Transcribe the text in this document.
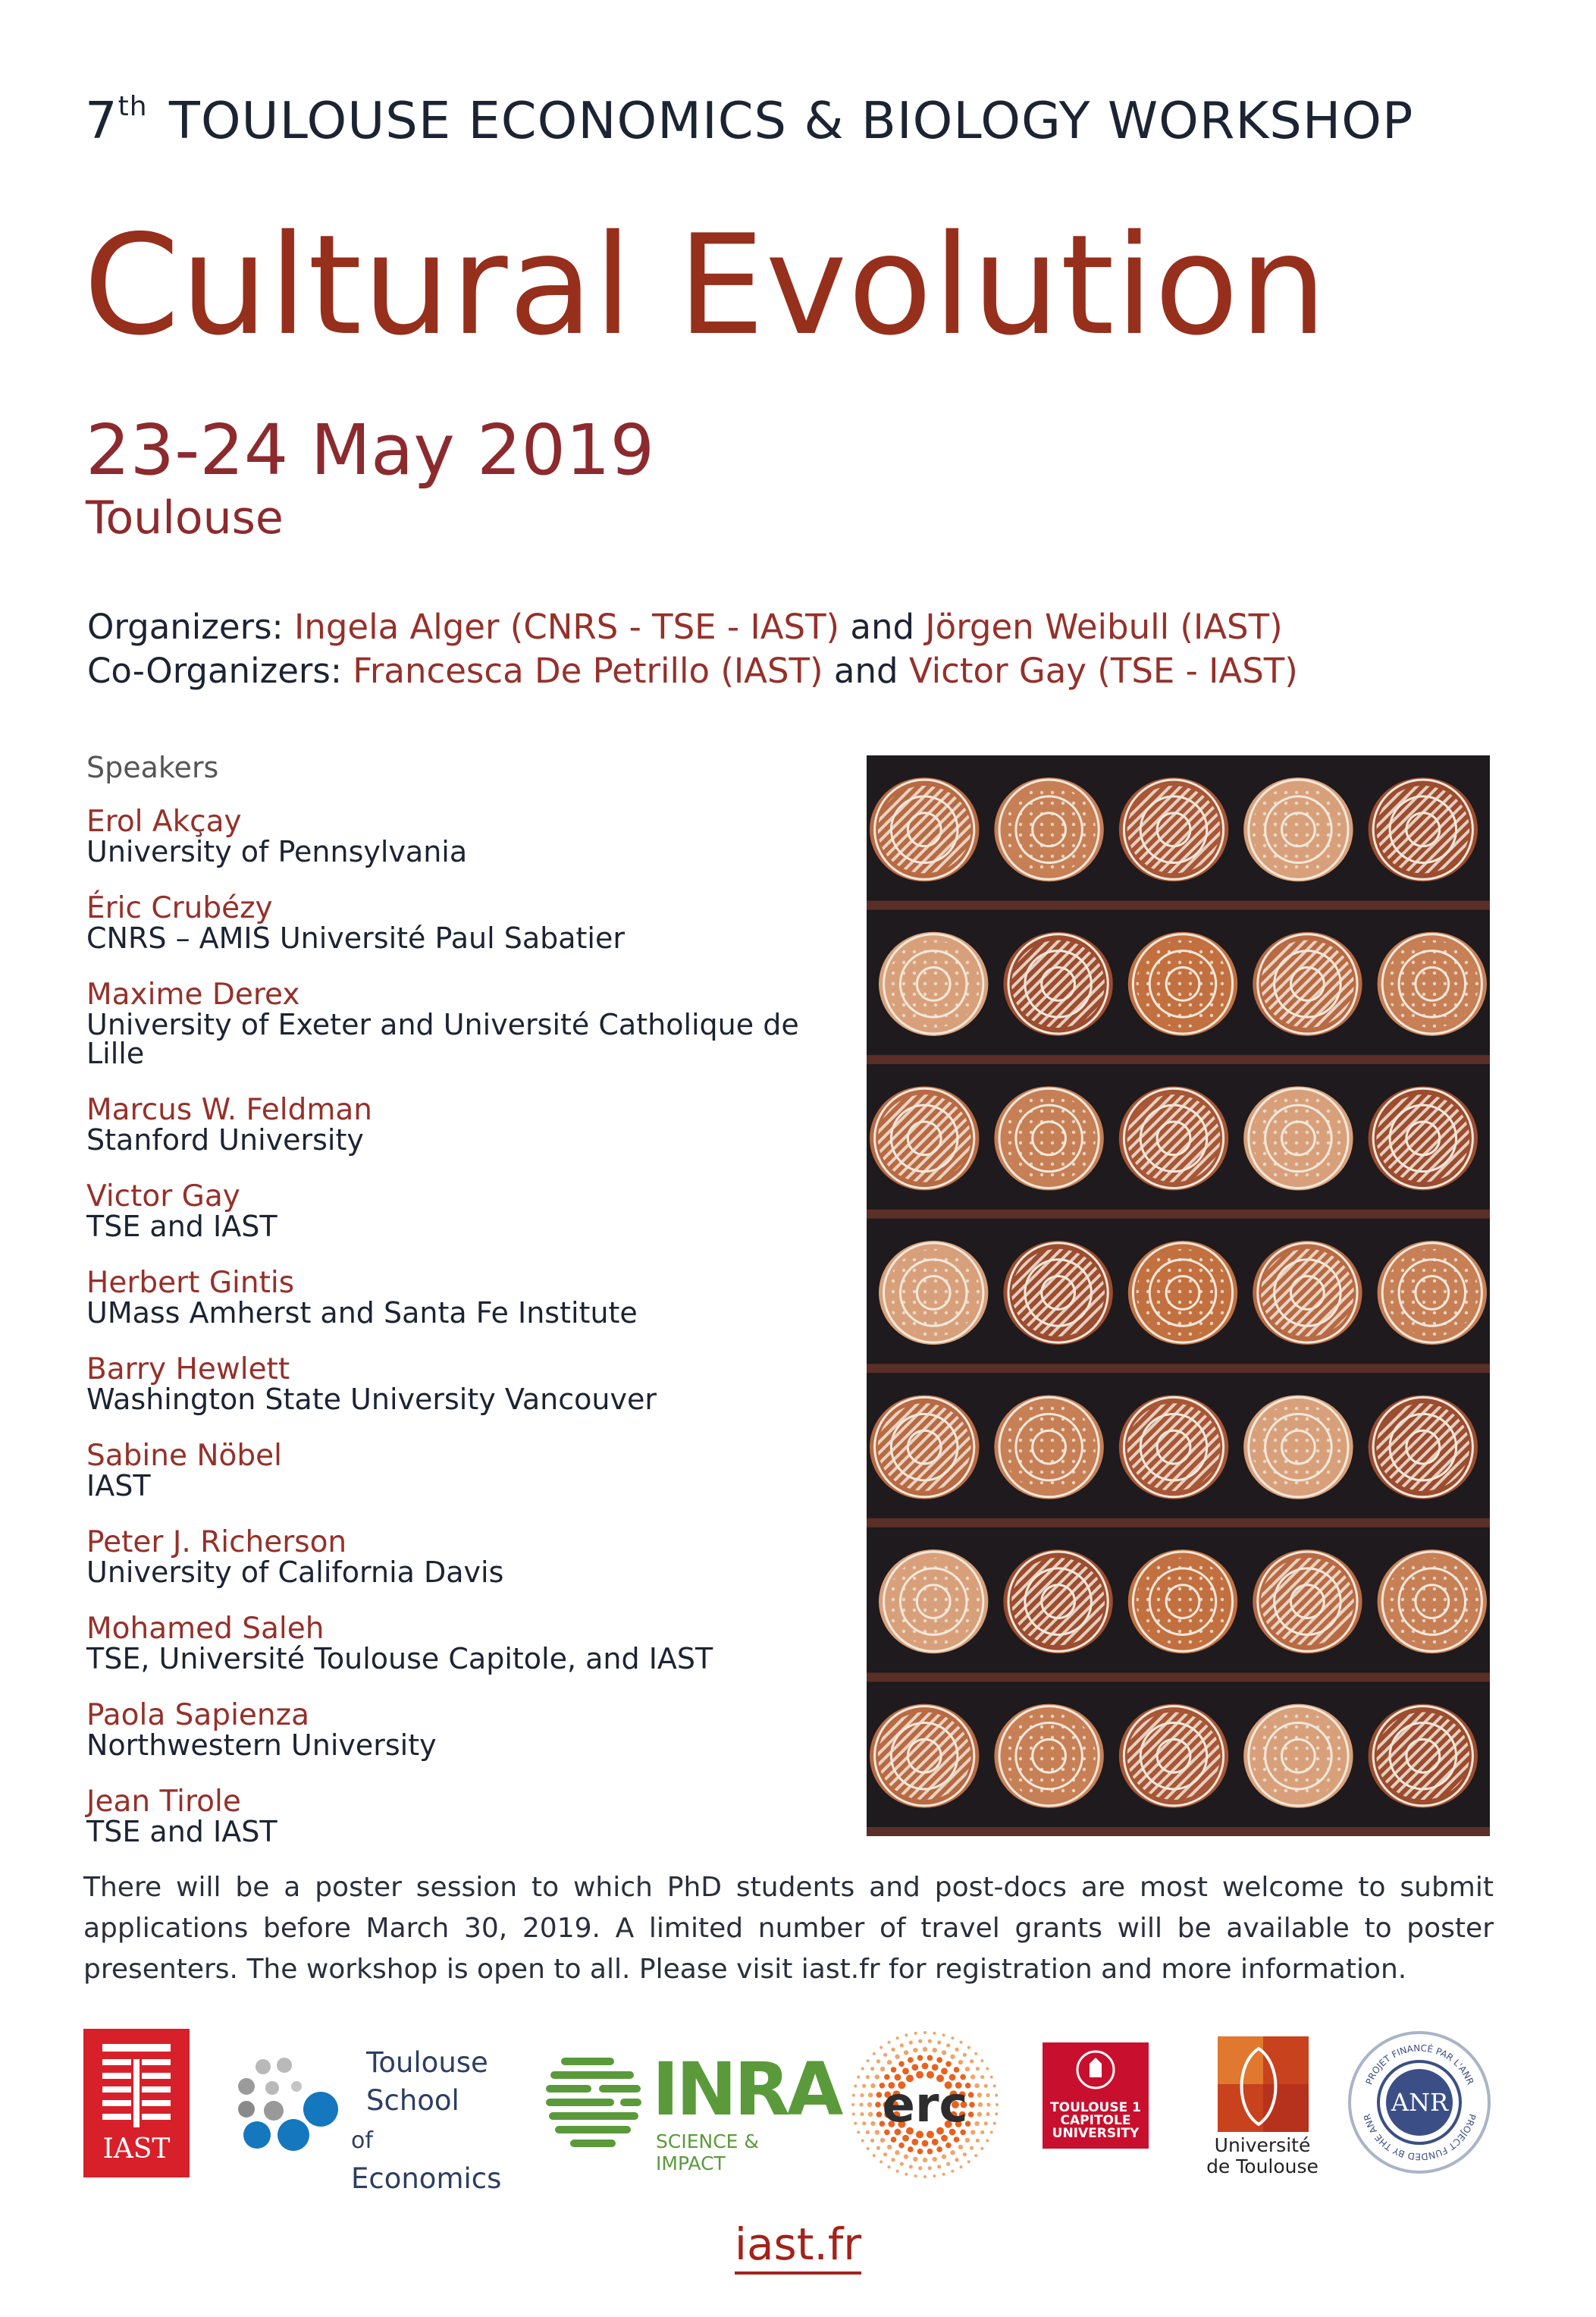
7th TOULOUSE ECONOMICS & BIOLOGY WORKSHOP
Cultural Evolution
23-24 May 2019
Toulouse
Organizers: Ingela Alger (CNRS - TSE - IAST) and Jörgen Weibull (IAST)
Co-Organizers: Francesca De Petrillo (IAST) and Victor Gay (TSE - IAST)
Speakers
Erol Akçay
University of Pennsylvania
Éric Crubézy
CNRS – AMIS Université Paul Sabatier
Maxime Derex
University of Exeter and Université Catholique de Lille
Marcus W. Feldman
Stanford University
Victor Gay
TSE and IAST
Herbert Gintis
UMass Amherst and Santa Fe Institute
Barry Hewlett
Washington State University Vancouver
Sabine Nöbel
IAST
Peter J. Richerson
University of California Davis
Mohamed Saleh
TSE, Université Toulouse Capitole, and IAST
Paola Sapienza
Northwestern University
Jean Tirole
TSE and IAST
There will be a poster session to which PhD students and post-docs are most welcome to submit applications before March 30, 2019. A limited number of travel grants will be available to poster presenters. The workshop is open to all. Please visit iast.fr for registration and more information.
IAST
Toulouse
School
of Economics
INRA
SCIENCE & IMPACT
erc	TOULOUSE 1
CAPITOLE
UNIVERSITY
Université
de Toulouse
PROJET FINANCÉ PAR L'ANR
PROJECT FUNDED BY THE ANR
ANR
iast.fr
